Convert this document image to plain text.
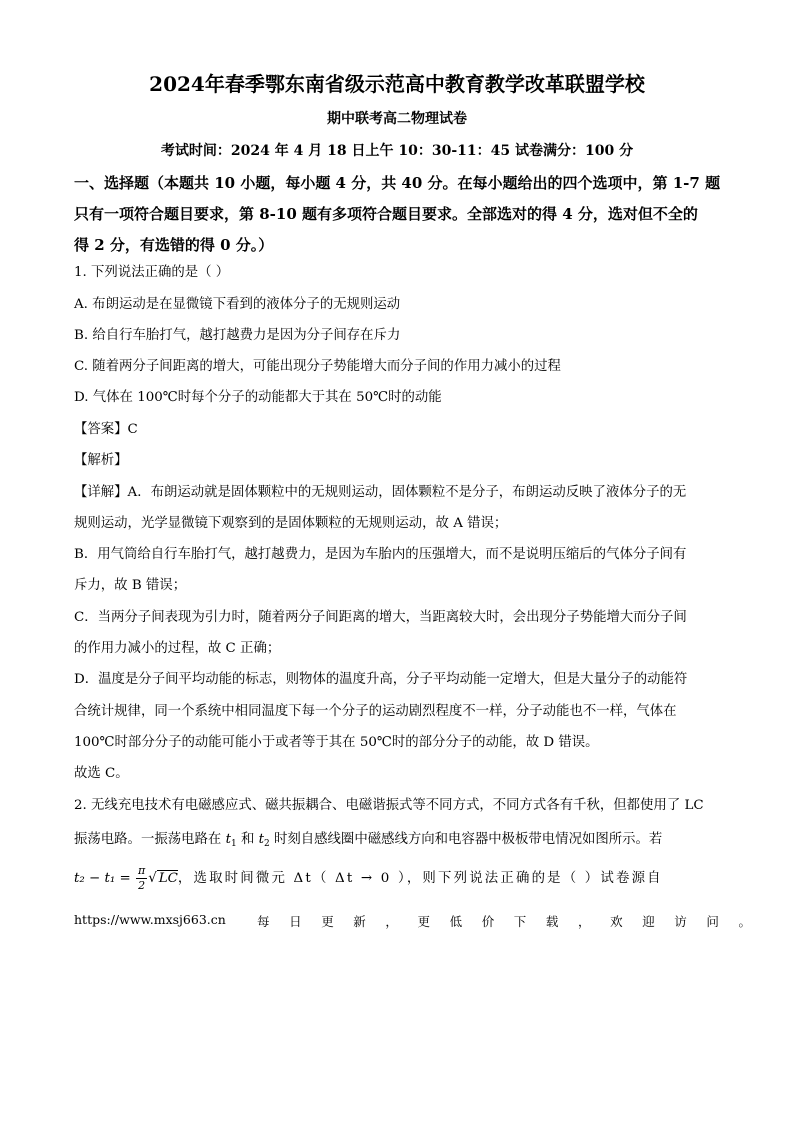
2024年春季鄂东南省级示范高中教育教学改革联盟学校
期中联考高二物理试卷
考试时间：2024 年 4 月 18 日上午 10：30-11：45 试卷满分：100 分
一、选择题（本题共 10 小题，每小题 4 分，共 40 分。在每小题给出的四个选项中，第 1-7 题
只有一项符合题目要求，第 8-10 题有多项符合题目要求。全部选对的得 4 分，选对但不全的
得 2 分，有选错的得 0 分。）
1. 下列说法正确的是（ ）
A. 布朗运动是在显微镜下看到的液体分子的无规则运动
B. 给自行车胎打气，越打越费力是因为分子间存在斥力
C. 随着两分子间距离的增大，可能出现分子势能增大而分子间的作用力减小的过程
D. 气体在 100℃时每个分子的动能都大于其在 50℃时的动能
【答案】C
【解析】
【详解】A．布朗运动就是固体颗粒中的无规则运动，固体颗粒不是分子，布朗运动反映了液体分子的无
规则运动，光学显微镜下观察到的是固体颗粒的无规则运动，故 A 错误；
B．用气筒给自行车胎打气，越打越费力，是因为车胎内的压强增大，而不是说明压缩后的气体分子间有
斥力，故 B 错误；
C．当两分子间表现为引力时，随着两分子间距离的增大，当距离较大时，会出现分子势能增大而分子间
的作用力减小的过程，故 C 正确；
D．温度是分子间平均动能的标志，则物体的温度升高，分子平均动能一定增大，但是大量分子的动能符
合统计规律，同一个系统中相同温度下每一个分子的运动剧烈程度不一样，分子动能也不一样，气体在
100℃时部分分子的动能可能小于或者等于其在 50℃时的部分分子的动能，故 D 错误。
故选 C。
2. 无线充电技术有电磁感应式、磁共振耦合、电磁谐振式等不同方式，不同方式各有千秋，但都使用了 LC
振荡电路。一振荡电路在 $t_1$ 和 $t_2$ 时刻自感线圈中磁感线方向和电容器中极板带电情况如图所示。若
$t_2 - t_1 = \frac{\pi}{2}$ √ LC，选取时间微元 Δt（ Δt → 0 ），则下列说法正确的是（ ）试卷源自
https://www.mxsj663.cn 每日更新，更低价下载，欢迎访问。
